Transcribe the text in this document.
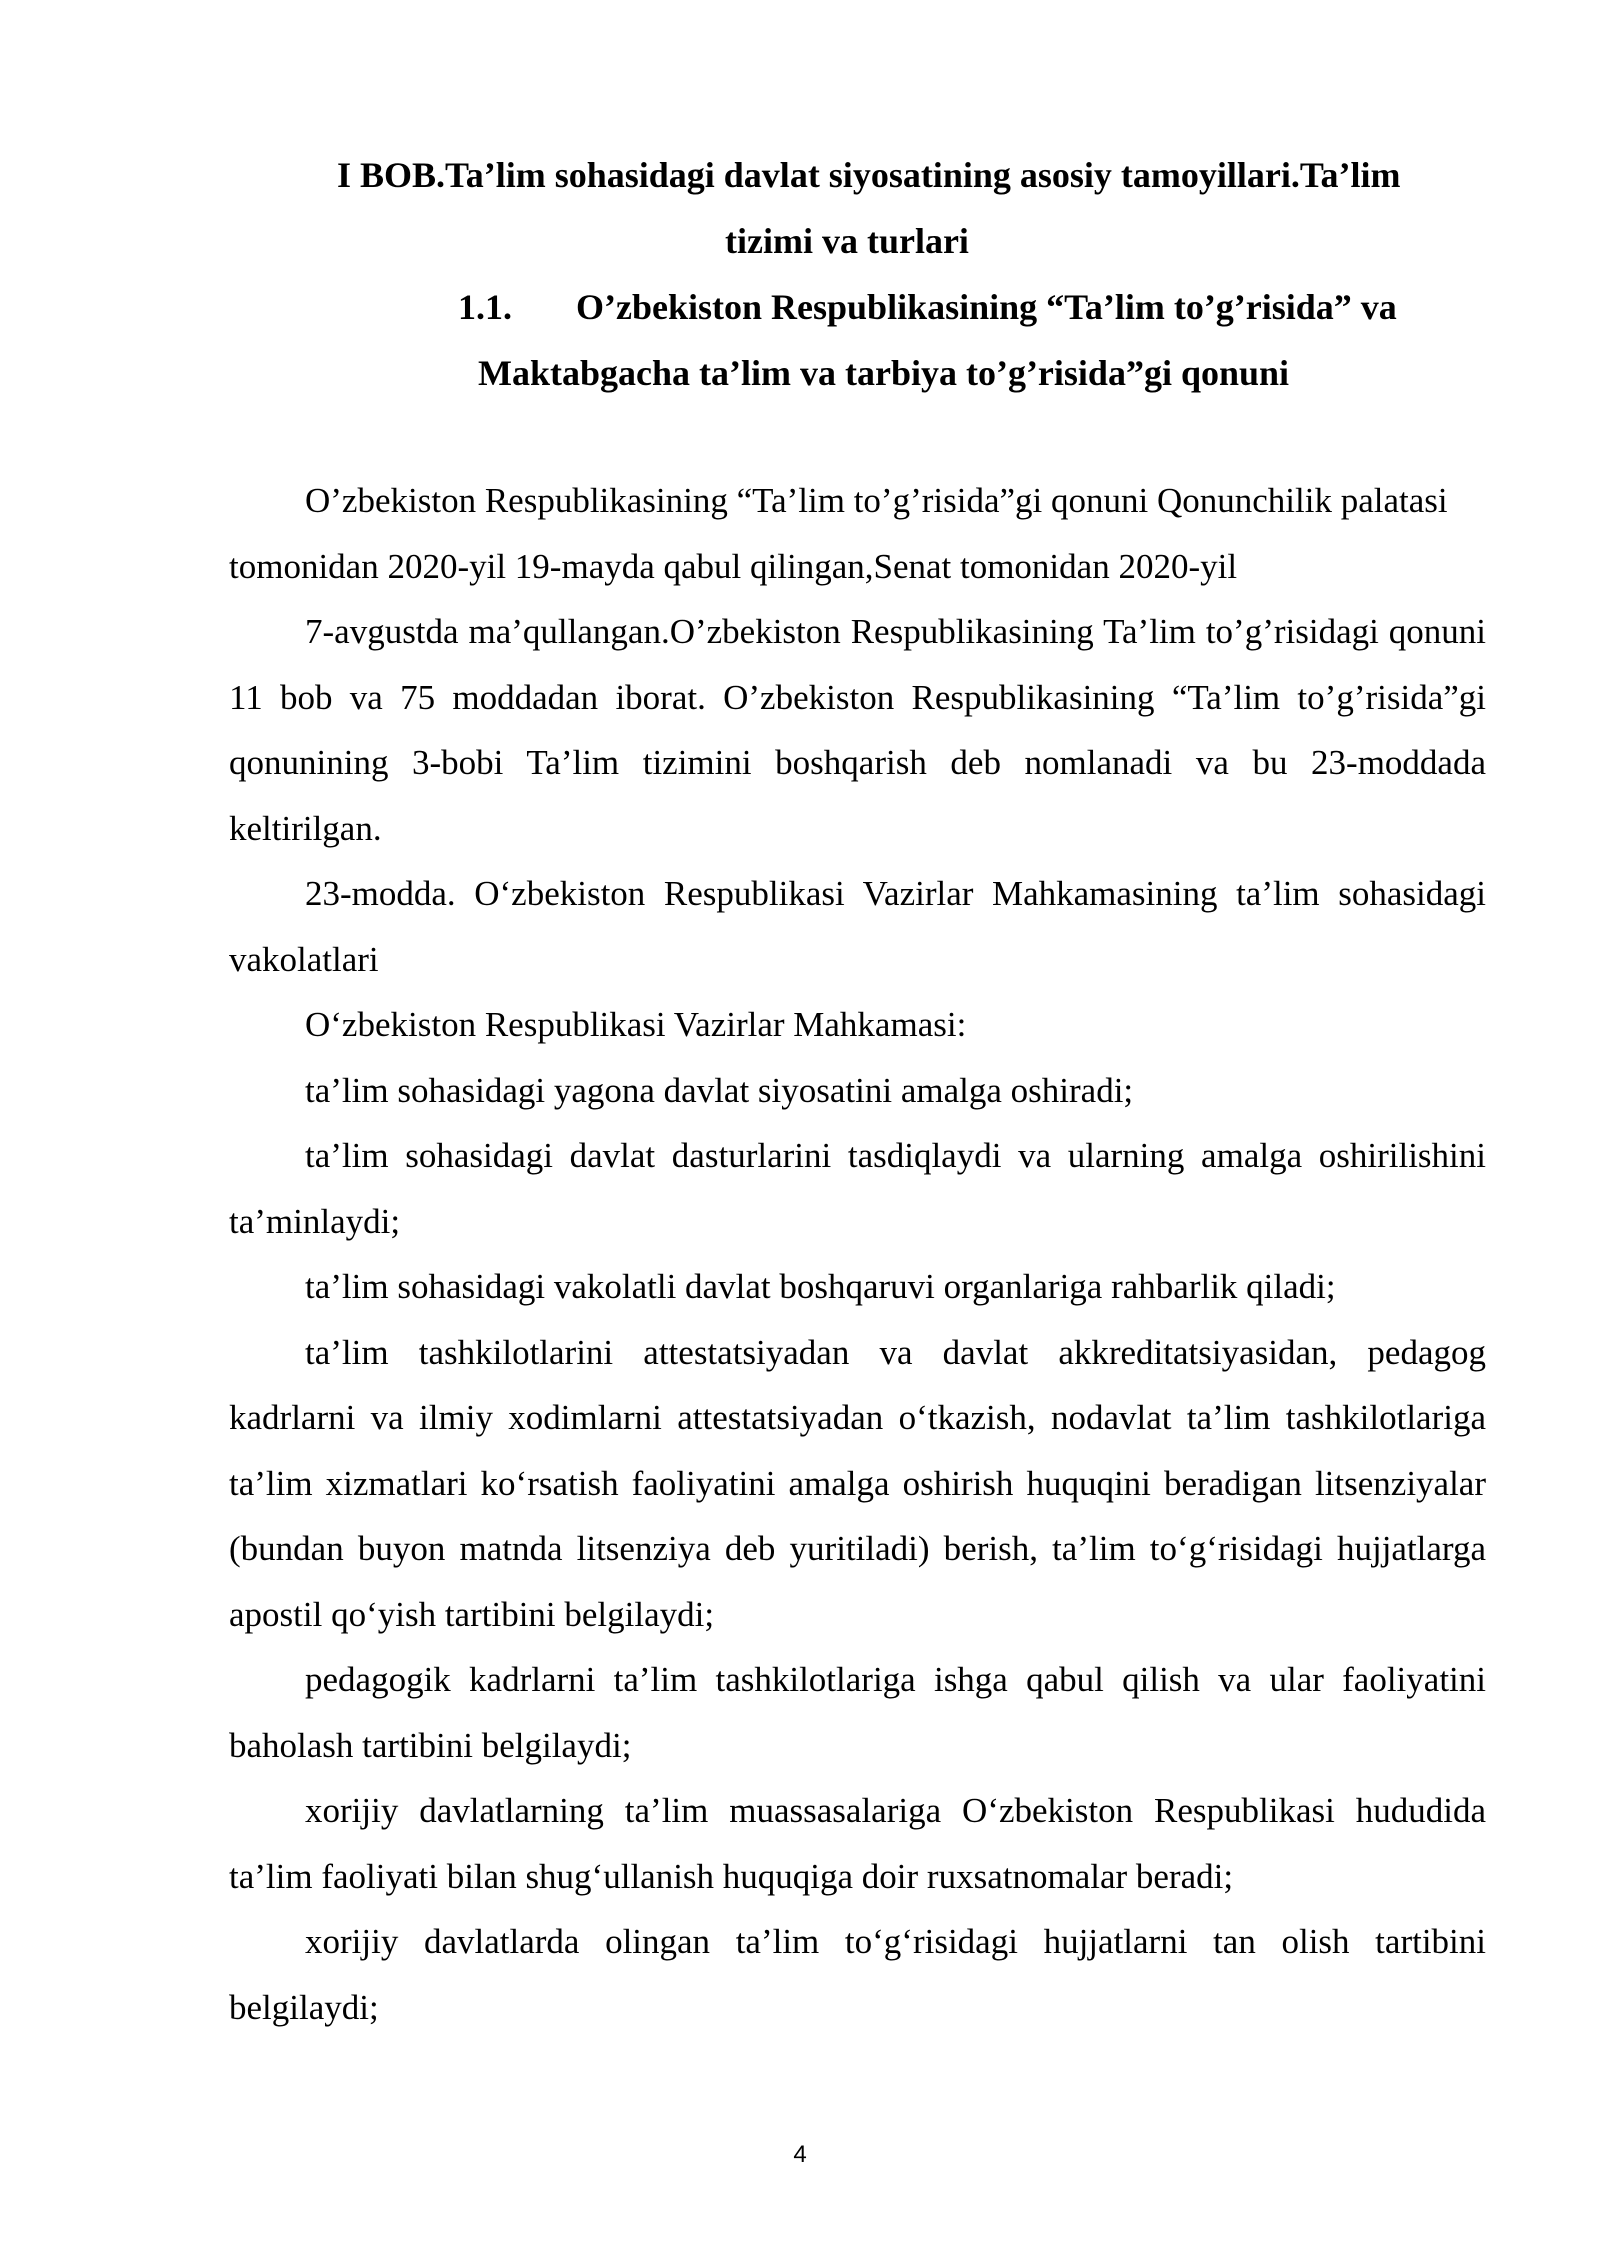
I BOB.Ta’lim sohasidagi davlat siyosatining asosiy tamoyillari.Ta’lim
tizimi va turlari
1.1. O’zbekiston Respublikasining “Ta’lim to’g’risida” va
Maktabgacha ta’lim va tarbiya to’g’risida”gi qonuni

O’zbekiston Respublikasining “Ta’lim to’g’risida”gi qonuni Qonunchilik palatasi tomonidan 2020-yil 19-mayda qabul qilingan,Senat tomonidan 2020-yil

7-avgustda ma’qullangan.O’zbekiston Respublikasining Ta’lim to’g’risidagi qonuni 11 bob va 75 moddadan iborat. O’zbekiston Respublikasining “Ta’lim to’g’risida”gi qonunining 3-bobi Ta’lim tizimini boshqarish deb nomlanadi va bu 23-moddada keltirilgan.

23-modda. O‘zbekiston Respublikasi Vazirlar Mahkamasining ta’lim sohasidagi vakolatlari

O‘zbekiston Respublikasi Vazirlar Mahkamasi:

ta’lim sohasidagi yagona davlat siyosatini amalga oshiradi;

ta’lim sohasidagi davlat dasturlarini tasdiqlaydi va ularning amalga oshirilishini ta’minlaydi;

ta’lim sohasidagi vakolatli davlat boshqaruvi organlariga rahbarlik qiladi;

ta’lim tashkilotlarini attestatsiyadan va davlat akkreditatsiyasidan, pedagog kadrlarni va ilmiy xodimlarni attestatsiyadan o‘tkazish, nodavlat ta’lim tashkilotlariga ta’lim xizmatlari ko‘rsatish faoliyatini amalga oshirish huquqini beradigan litsenziyalar (bundan buyon matnda litsenziya deb yuritiladi) berish, ta’lim to‘g‘risidagi hujjatlarga apostil qo‘yish tartibini belgilaydi;

pedagogik kadrlarni ta’lim tashkilotlariga ishga qabul qilish va ular faoliyatini baholash tartibini belgilaydi;

xorijiy davlatlarning ta’lim muassasalariga O‘zbekiston Respublikasi hududida ta’lim faoliyati bilan shug‘ullanish huquqiga doir ruxsatnomalar beradi;

xorijiy davlatlarda olingan ta’lim to‘g‘risidagi hujjatlarni tan olish tartibini belgilaydi;

4
